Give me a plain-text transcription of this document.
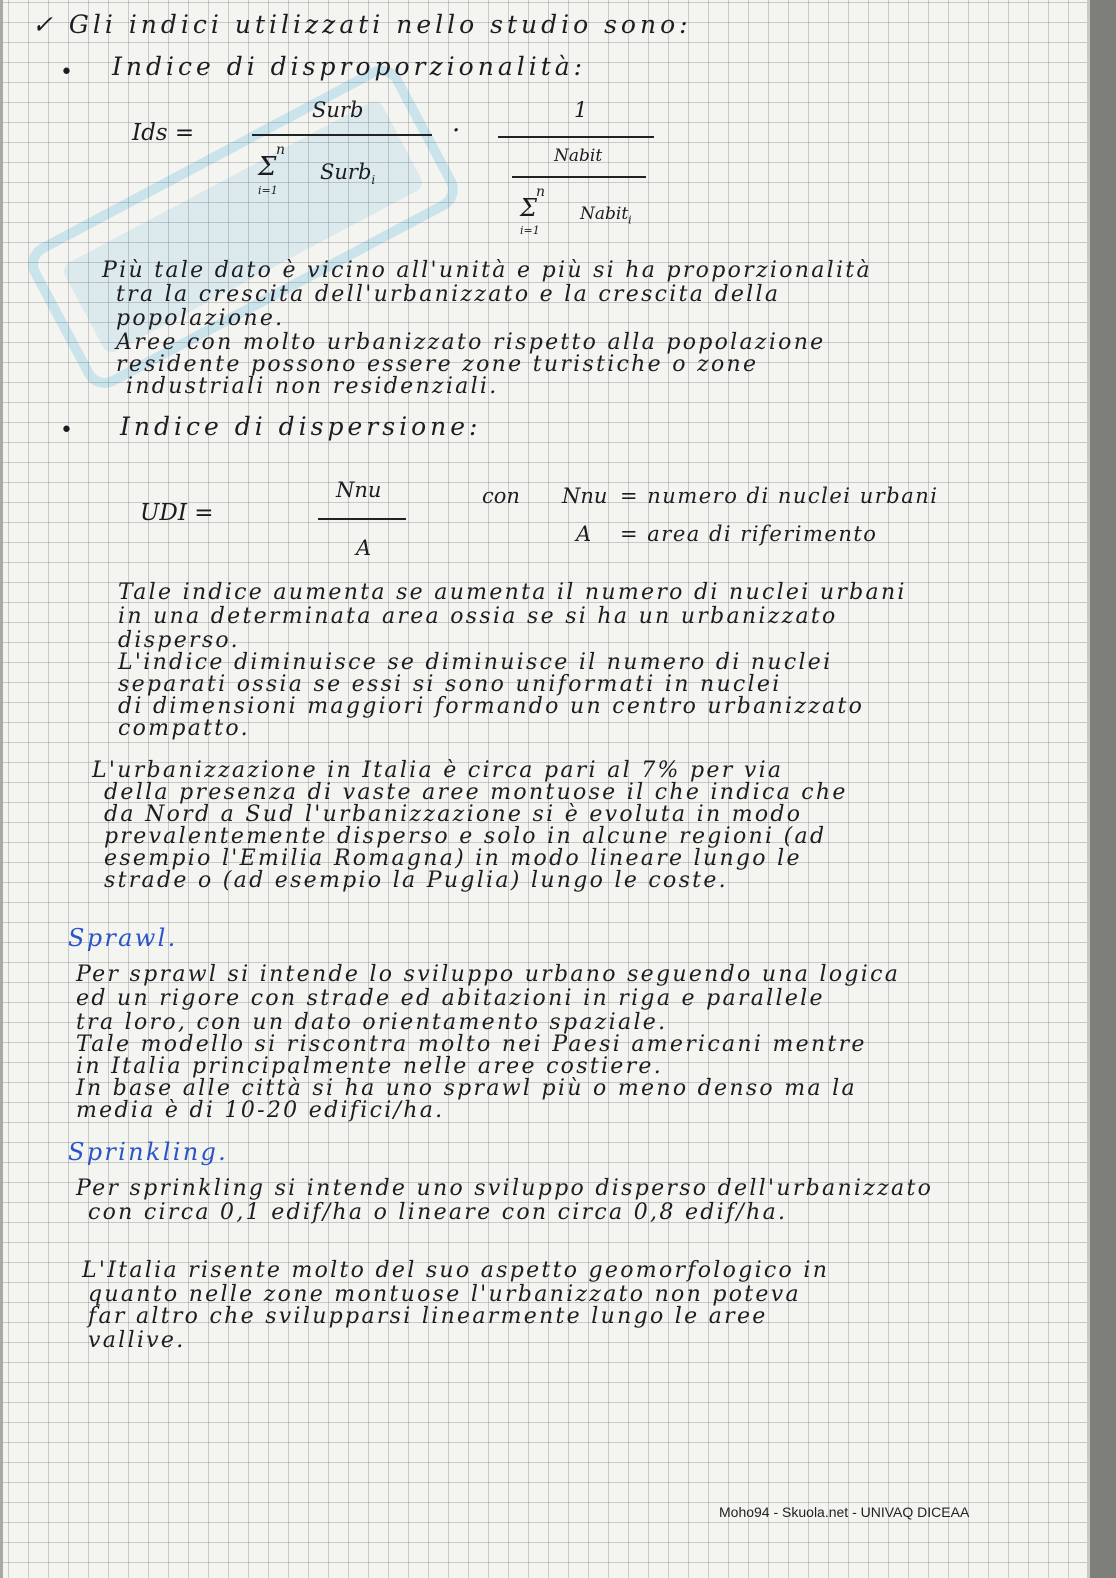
✓ Gli indici utilizzati nello studio sono:
• Indice di disproporzionalità:
Ids =
Surb
n
Σ
i=1
Surb$_i$
·
1
Nabit
n
Σ
i=1
Nabit$_i$
Più tale dato è vicino all'unità e più si ha proporzionalità
tra la crescita dell'urbanizzato e la crescita della
popolazione.
Aree con molto urbanizzato rispetto alla popolazione
residente possono essere zone turistiche o zone
industriali non residenziali.
• Indice di dispersione:
UDI =
Nnu
A
con Nnu = numero di nuclei urbani
A = area di riferimento
Tale indice aumenta se aumenta il numero di nuclei urbani
in una determinata area ossia se si ha un urbanizzato
disperso.
L'indice diminuisce se diminuisce il numero di nuclei
separati ossia se essi si sono uniformati in nuclei
di dimensioni maggiori formando un centro urbanizzato
compatto.
L'urbanizzazione in Italia è circa pari al 7% per via
della presenza di vaste aree montuose il che indica che
da Nord a Sud l'urbanizzazione si è evoluta in modo
prevalentemente disperso e solo in alcune regioni (ad
esempio l'Emilia Romagna) in modo lineare lungo le
strade o (ad esempio la Puglia) lungo le coste.
Sprawl.
Per sprawl si intende lo sviluppo urbano seguendo una logica
ed un rigore con strade ed abitazioni in riga e parallele
tra loro, con un dato orientamento spaziale.
Tale modello si riscontra molto nei Paesi americani mentre
in Italia principalmente nelle aree costiere.
In base alle città si ha uno sprawl più o meno denso ma la
media è di 10-20 edifici/ha.
Sprinkling.
Per sprinkling si intende uno sviluppo disperso dell'urbanizzato
con circa 0,1 edif/ha o lineare con circa 0,8 edif/ha.
L'Italia risente molto del suo aspetto geomorfologico in
quanto nelle zone montuose l'urbanizzato non poteva
far altro che svilupparsi linearmente lungo le aree
vallive.
Moho94 - Skuola.net - UNIVAQ DICEAA
